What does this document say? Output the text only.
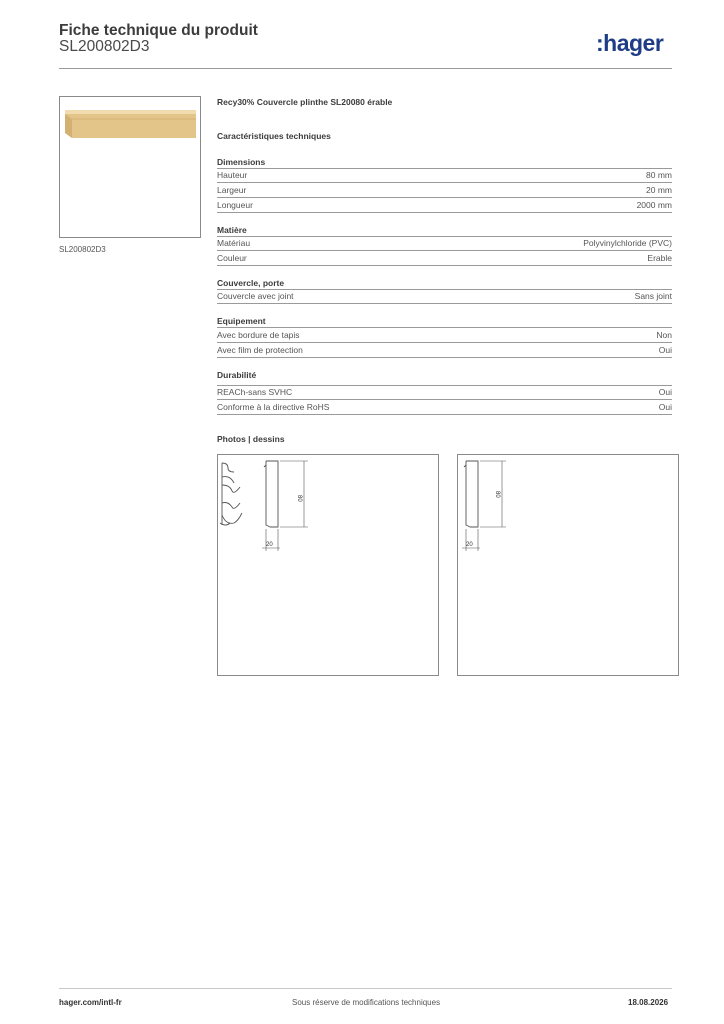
Fiche technique du produit
SL200802D3	:hager
SL200802D3
Recy30% Couvercle plinthe SL20080 érable
Caractéristiques techniques
Dimensions
Hauteur	80 mm
Largeur	20 mm
Longueur	2000 mm
Matière
Matériau	Polyvinylchloride (PVC)
Couleur	Erable
Couvercle, porte
Couvercle avec joint	Sans joint
Equipement
Avec bordure de tapis	Non
Avec film de protection	Oui
Durabilité
REACh-sans SVHC	Oui
Conforme à la directive RoHS	Oui
Photos | dessins
80
20
80
20
hager.com/intl-fr	Sous réserve de modifications techniques	18.08.2026
